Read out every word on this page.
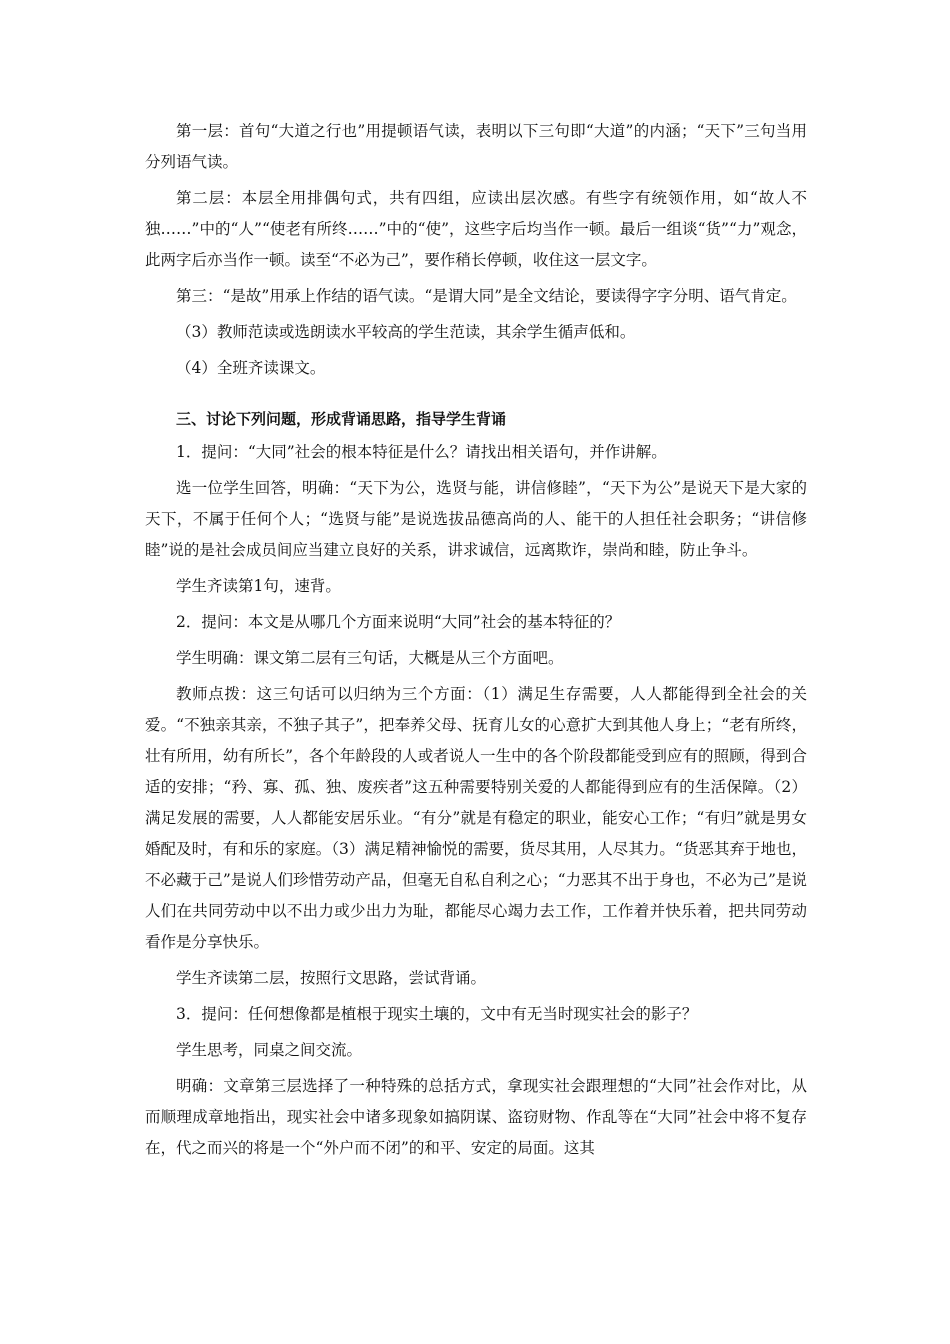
第一层：首句“大道之行也”用提顿语气读，表明以下三句即“大道”的内涵；“天下”三句当用分列语气读。

第二层：本层全用排偶句式，共有四组，应读出层次感。有些字有统领作用，如“故人不独……”中的“人”“使老有所终……”中的“使”，这些字后均当作一顿。最后一组谈“货”“力”观念，此两字后亦当作一顿。读至“不必为己”，要作稍长停顿，收住这一层文字。

第三：“是故”用承上作结的语气读。“是谓大同”是全文结论，要读得字字分明、语气肯定。

（3）教师范读或选朗读水平较高的学生范读，其余学生循声低和。

（4）全班齐读课文。

三、讨论下列问题，形成背诵思路，指导学生背诵

1．提问：“大同”社会的根本特征是什么？请找出相关语句，并作讲解。

选一位学生回答，明确：“天下为公，选贤与能，讲信修睦”，“天下为公”是说天下是大家的天下，不属于任何个人；“选贤与能”是说选拔品德高尚的人、能干的人担任社会职务；“讲信修睦”说的是社会成员间应当建立良好的关系，讲求诚信，远离欺诈，崇尚和睦，防止争斗。

学生齐读第1句，速背。

2．提问：本文是从哪几个方面来说明“大同”社会的基本特征的？

学生明确：课文第二层有三句话，大概是从三个方面吧。

教师点拨：这三句话可以归纳为三个方面：（1）满足生存需要，人人都能得到全社会的关爱。“不独亲其亲，不独子其子”，把奉养父母、抚育儿女的心意扩大到其他人身上；“老有所终，壮有所用，幼有所长”，各个年龄段的人或者说人一生中的各个阶段都能受到应有的照顾，得到合适的安排；“矜、寡、孤、独、废疾者”这五种需要特别关爱的人都能得到应有的生活保障。（2）满足发展的需要，人人都能安居乐业。“有分”就是有稳定的职业，能安心工作；“有归”就是男女婚配及时，有和乐的家庭。（3）满足精神愉悦的需要，货尽其用，人尽其力。“货恶其弃于地也，不必藏于己”是说人们珍惜劳动产品，但毫无自私自利之心；“力恶其不出于身也，不必为己”是说人们在共同劳动中以不出力或少出力为耻，都能尽心竭力去工作，工作着并快乐着，把共同劳动看作是分享快乐。

学生齐读第二层，按照行文思路，尝试背诵。

3．提问：任何想像都是植根于现实土壤的，文中有无当时现实社会的影子？

学生思考，同桌之间交流。

明确：文章第三层选择了一种特殊的总括方式，拿现实社会跟理想的“大同”社会作对比，从而顺理成章地指出，现实社会中诸多现象如搞阴谋、盗窃财物、作乱等在“大同”社会中将不复存在，代之而兴的将是一个“外户而不闭”的和平、安定的局面。这其
